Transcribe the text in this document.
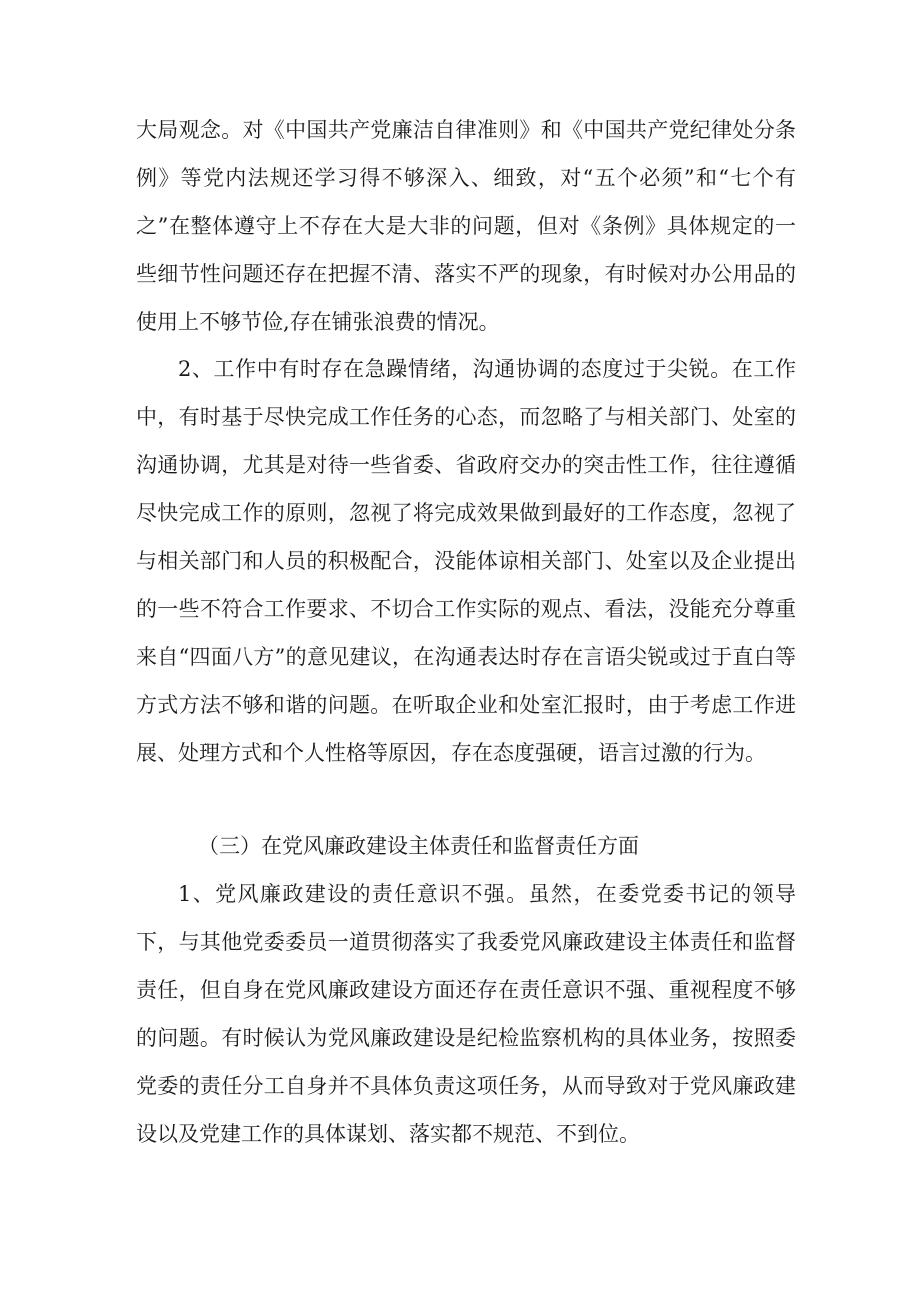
大局观念。对《中国共产党廉洁自律准则》和《中国共产党纪律处分条例》等党内法规还学习得不够深入、细致，对“五个必须”和“七个有之”在整体遵守上不存在大是大非的问题，但对《条例》具体规定的一些细节性问题还存在把握不清、落实不严的现象，有时候对办公用品的使用上不够节俭,存在铺张浪费的情况。

2、工作中有时存在急躁情绪，沟通协调的态度过于尖锐。在工作中，有时基于尽快完成工作任务的心态，而忽略了与相关部门、处室的沟通协调，尤其是对待一些省委、省政府交办的突击性工作，往往遵循尽快完成工作的原则，忽视了将完成效果做到最好的工作态度，忽视了与相关部门和人员的积极配合，没能体谅相关部门、处室以及企业提出的一些不符合工作要求、不切合工作实际的观点、看法，没能充分尊重来自“四面八方”的意见建议，在沟通表达时存在言语尖锐或过于直白等方式方法不够和谐的问题。在听取企业和处室汇报时，由于考虑工作进展、处理方式和个人性格等原因，存在态度强硬，语言过激的行为。

（三）在党风廉政建设主体责任和监督责任方面

1、党风廉政建设的责任意识不强。虽然，在委党委书记的领导下，与其他党委委员一道贯彻落实了我委党风廉政建设主体责任和监督责任，但自身在党风廉政建设方面还存在责任意识不强、重视程度不够的问题。有时候认为党风廉政建设是纪检监察机构的具体业务，按照委党委的责任分工自身并不具体负责这项任务，从而导致对于党风廉政建设以及党建工作的具体谋划、落实都不规范、不到位。
